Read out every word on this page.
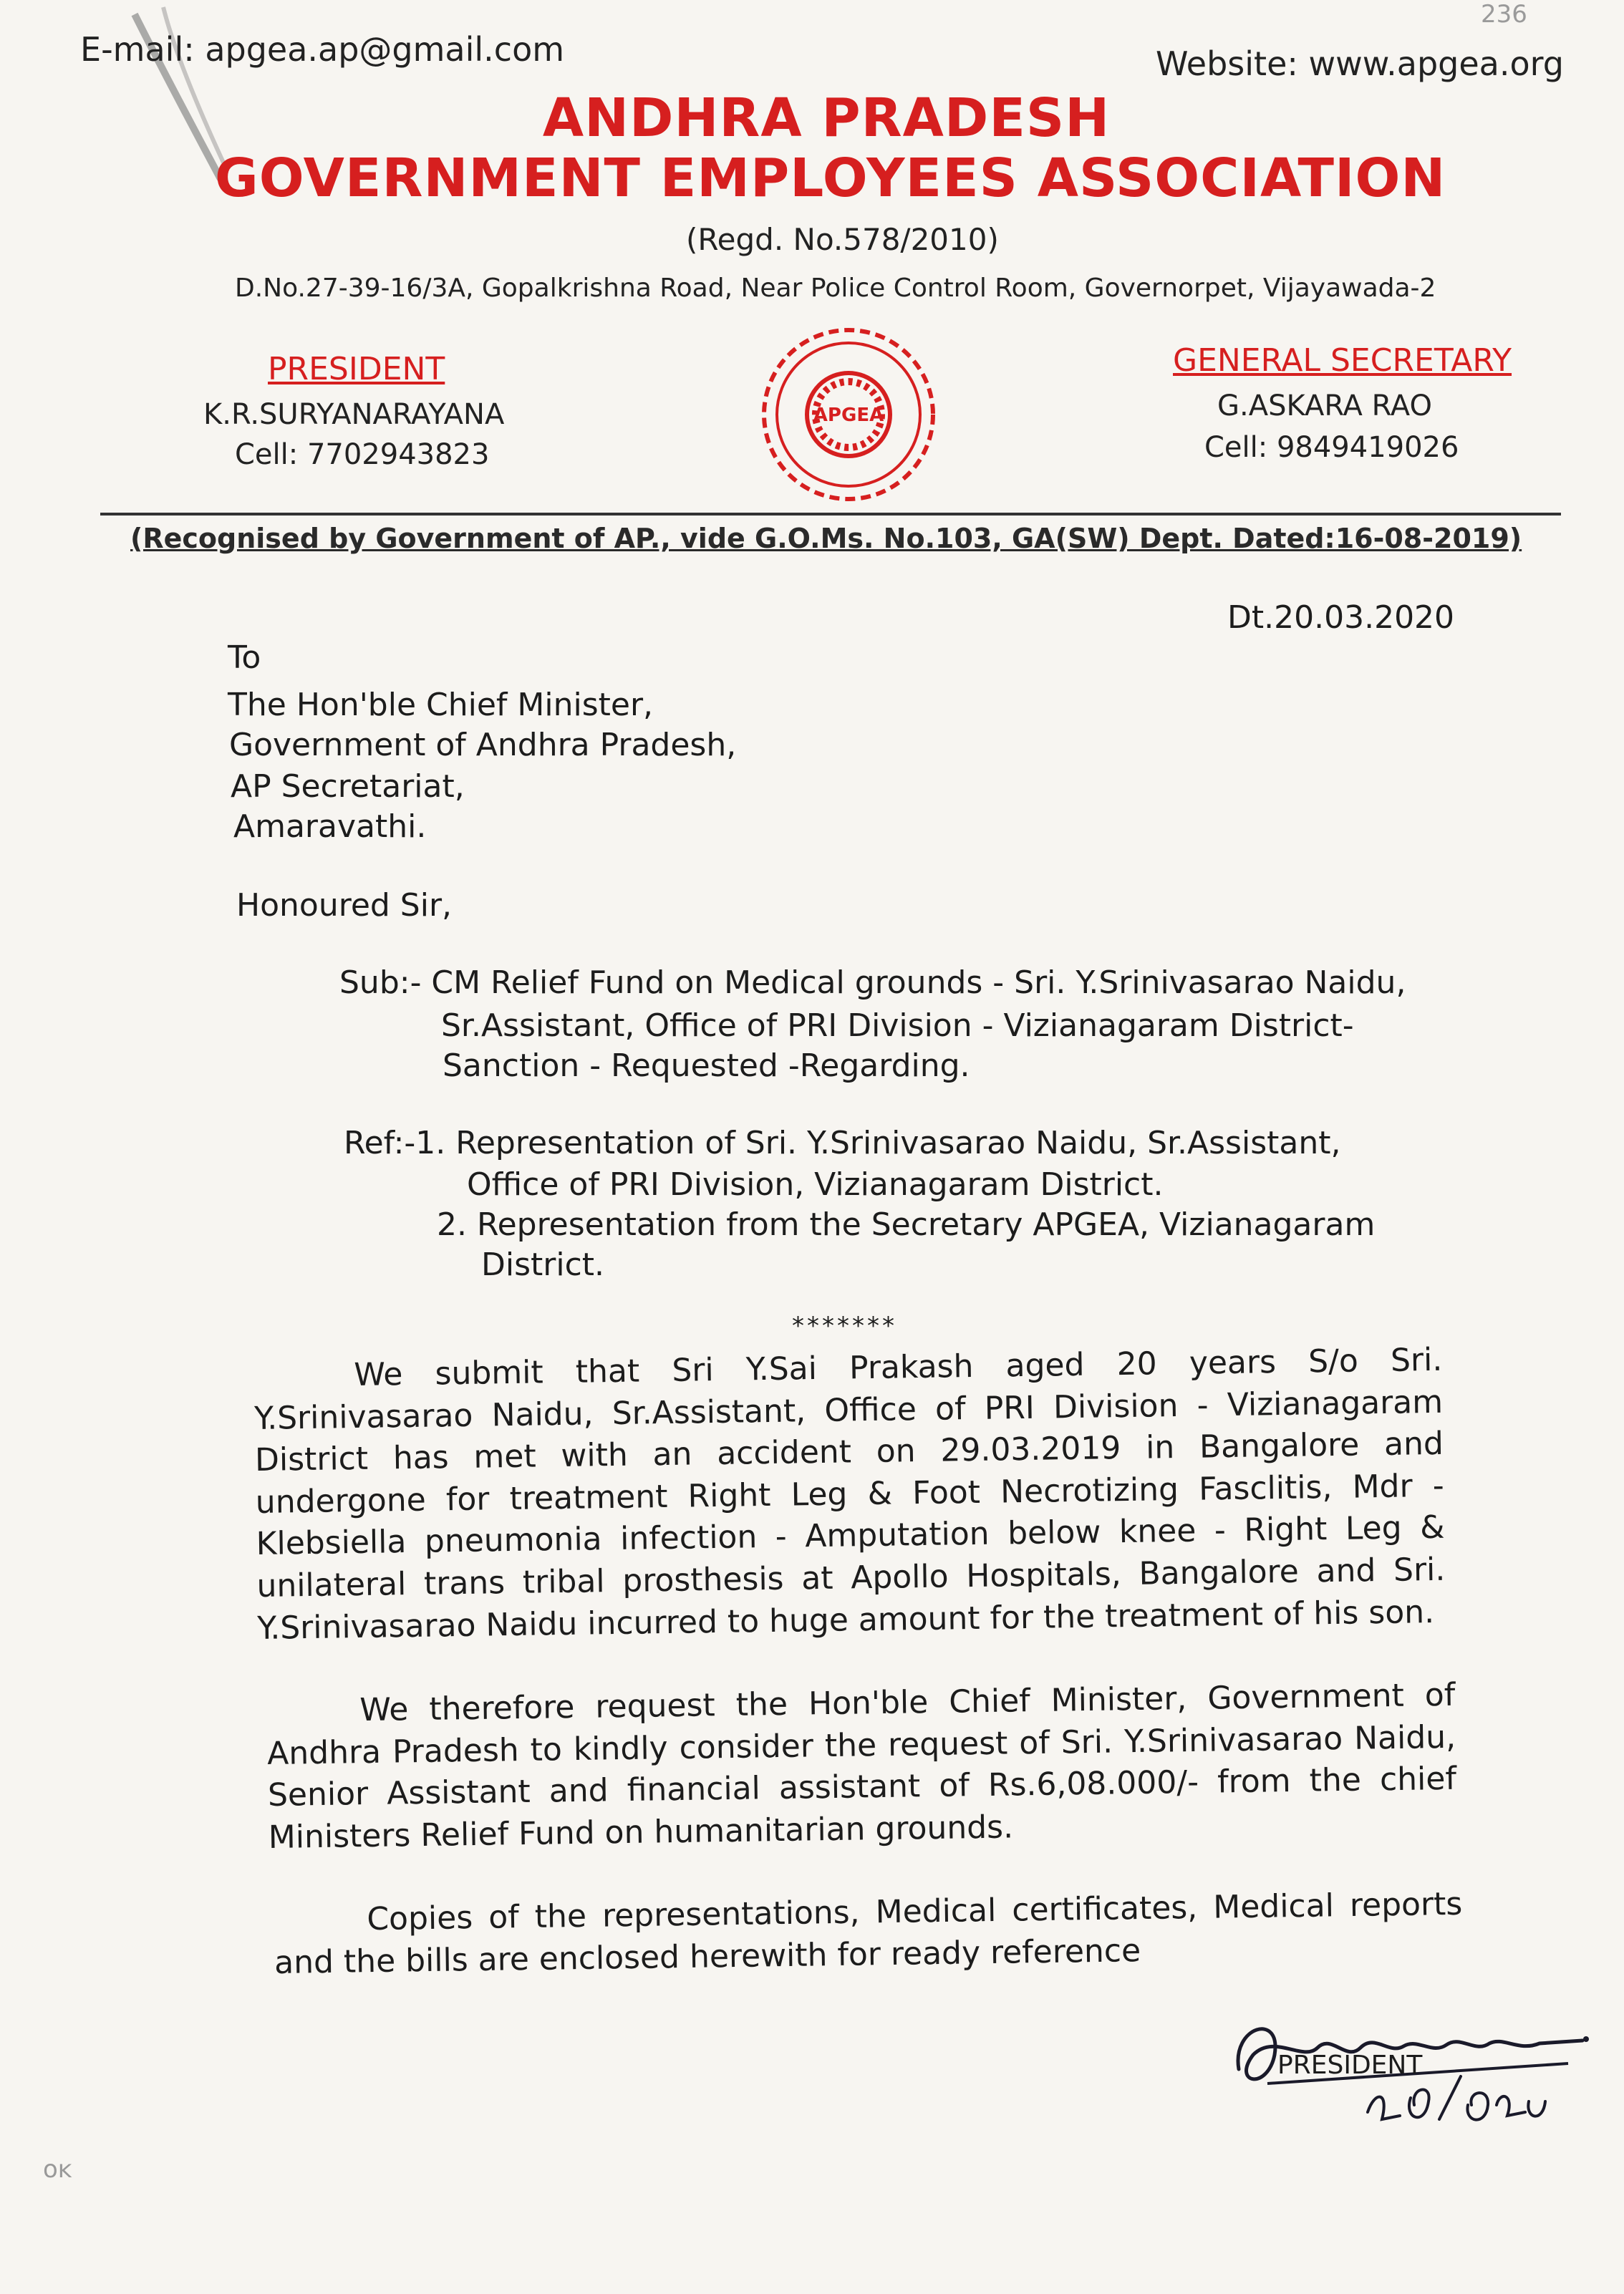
236
E-mail: apgea.ap@gmail.com	Website: www.apgea.org
ANDHRA PRADESH
GOVERNMENT EMPLOYEES ASSOCIATION
(Regd. No.578/2010)
D.No.27-39-16/3A, Gopalkrishna Road, Near Police Control Room, Governorpet, Vijayawada-2
PRESIDENT
K.R.SURYANARAYANA
Cell: 7702943823
GENERAL SECRETARY
G.ASKARA RAO
Cell: 9849419026
APGEA
(Recognised by Government of AP., vide G.O.Ms. No.103, GA(SW) Dept. Dated:16-08-2019)
Dt.20.03.2020
To
The Hon'ble Chief Minister,
Government of Andhra Pradesh,
AP Secretariat,
Amaravathi.
Honoured Sir,
Sub:- CM Relief Fund on Medical grounds - Sri. Y.Srinivasarao Naidu,
Sr.Assistant, Office of PRI Division - Vizianagaram District-
Sanction - Requested -Regarding.
Ref:-1. Representation of Sri. Y.Srinivasarao Naidu, Sr.Assistant,
Office of PRI Division, Vizianagaram District.
2. Representation from the Secretary APGEA, Vizianagaram
District.
*******
We submit that Sri Y.Sai Prakash aged 20 years S/o Sri. Y.Srinivasarao Naidu, Sr.Assistant, Office of PRI Division - Vizianagaram District has met with an accident on 29.03.2019 in Bangalore and undergone for treatment Right Leg & Foot Necrotizing Fasclitis, Mdr - Klebsiella pneumonia infection - Amputation below knee - Right Leg & unilateral trans tribal prosthesis at Apollo Hospitals, Bangalore and Sri. Y.Srinivasarao Naidu incurred to huge amount for the treatment of his son.
We therefore request the Hon'ble Chief Minister, Government of Andhra Pradesh to kindly consider the request of Sri. Y.Srinivasarao Naidu, Senior Assistant and financial assistant of Rs.6,08.000/- from the chief Ministers Relief Fund on humanitarian grounds.
Copies of the representations, Medical certificates, Medical reports and the bills are enclosed herewith for ready reference
PRESIDENT
ᴏᴋ
